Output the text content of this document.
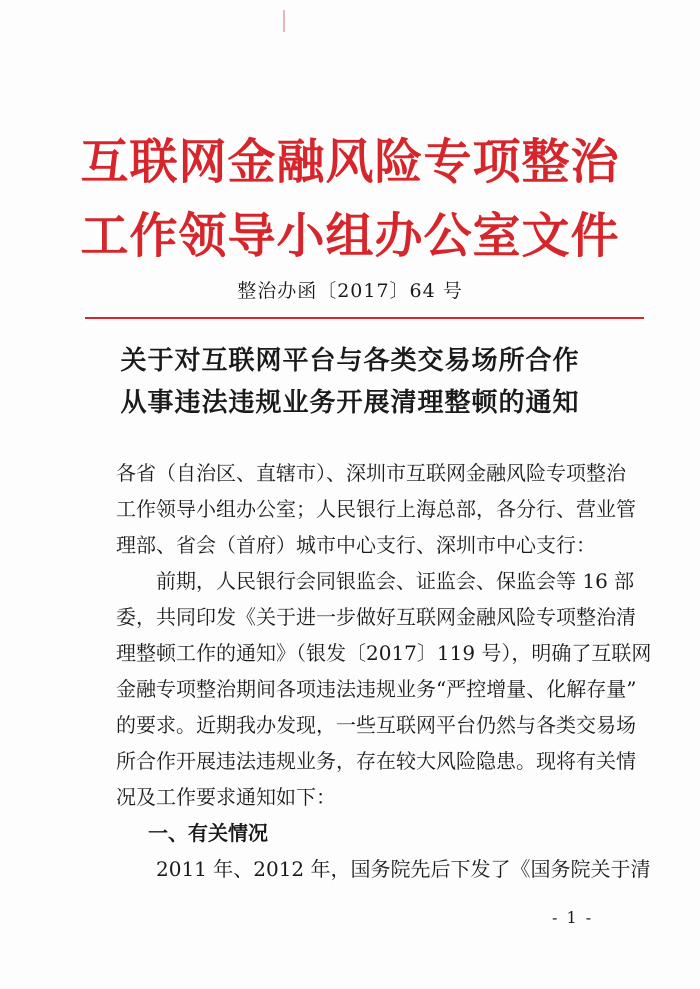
互联网金融风险专项整治
工作领导小组办公室文件
整治办函〔2017〕64 号
关于对互联网平台与各类交易场所合作
从事违法违规业务开展清理整顿的通知
各省（自治区、直辖市）、深圳市互联网金融风险专项整治
工作领导小组办公室；人民银行上海总部，各分行、营业管
理部、省会（首府）城市中心支行、深圳市中心支行：
前期，人民银行会同银监会、证监会、保监会等 16 部
委，共同印发《关于进一步做好互联网金融风险专项整治清
理整顿工作的通知》（银发〔2017〕119 号），明确了互联网
金融专项整治期间各项违法违规业务“严控增量、化解存量”
的要求。近期我办发现，一些互联网平台仍然与各类交易场
所合作开展违法违规业务，存在较大风险隐患。现将有关情
况及工作要求通知如下：
一、有关情况
2011 年、2012 年，国务院先后下发了《国务院关于清
- 1 -
